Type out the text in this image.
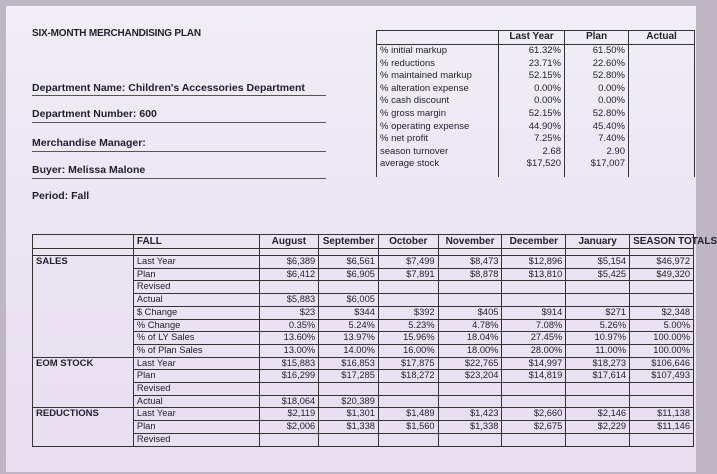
SIX-MONTH MERCHANDISING PLAN
Department Name: Children's Accessories Department
Department Number: 600
Merchandise Manager:
Buyer: Melissa Malone
Period: Fall
	Last Year	Plan	Actual
% initial markup	61.32%	61.50%	
% reductions	23.71%	22.60%	
% maintained markup	52.15%	52.80%	
% alteration expense	0.00%	0.00%	
% cash discount	0.00%	0.00%	
% gross margin	52.15%	52.80%	
% operating expense	44.90%	45.40%	
% net profit	7.25%	7.40%	
season turnover	2.68	2.90	
average stock	$17,520	$17,007	

	FALL	August	September	October	November	December	January	SEASON TOTALS

SALES	Last Year	$6,389	$6,561	$7,499	$8,473	$12,896	$5,154	$46,972
	Plan	$6,412	$6,905	$7,891	$8,878	$13,810	$5,425	$49,320
	Revised							
	Actual	$5,883	$6,005					
	$ Change	$23	$344	$392	$405	$914	$271	$2,348
	% Change	0.35%	5.24%	5.23%	4.78%	7.08%	5.26%	5.00%
	% of LY Sales	13.60%	13.97%	15.96%	18.04%	27.45%	10.97%	100.00%
	% of Plan Sales	13.00%	14.00%	16.00%	18.00%	28.00%	11.00%	100.00%
EOM STOCK	Last Year	$15,883	$16,853	$17,875	$22,765	$14,997	$18,273	$106,646
	Plan	$16,299	$17,285	$18,272	$23,204	$14,819	$17,614	$107,493
	Revised							
	Actual	$18,064	$20,389					
REDUCTIONS	Last Year	$2,119	$1,301	$1,489	$1,423	$2,660	$2,146	$11,138
	Plan	$2,006	$1,338	$1,560	$1,338	$2,675	$2,229	$11,146
	Revised							
